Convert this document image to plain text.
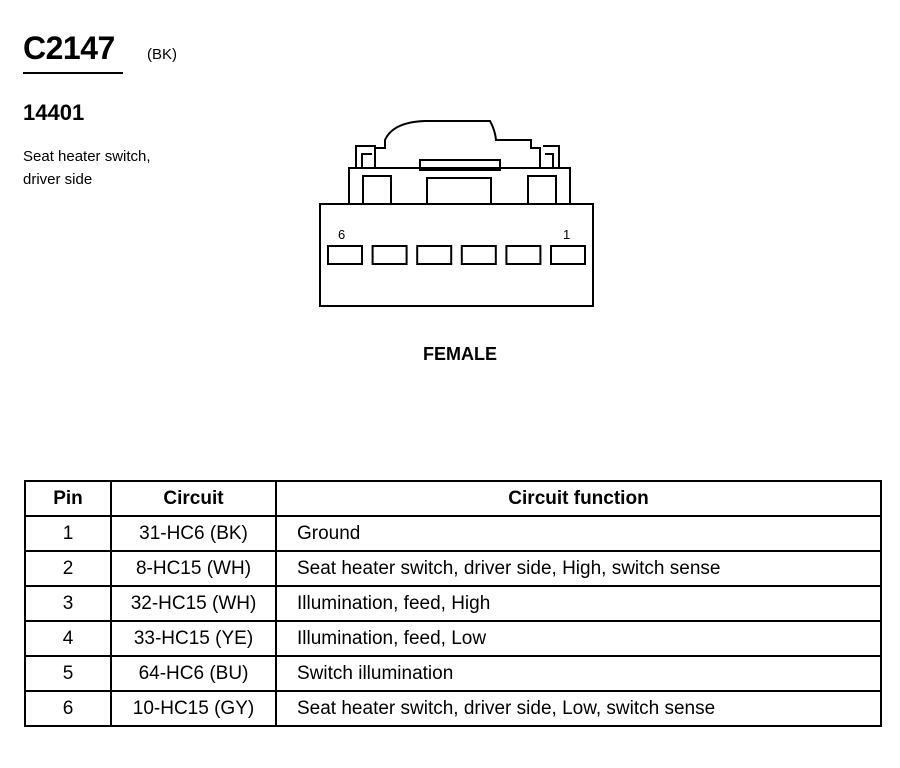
C2147 (BK)
14401
Seat heater switch,
driver side
6	1
FEMALE
Pin	Circuit	Circuit function
1	31-HC6 (BK)	Ground
2	8-HC15 (WH)	Seat heater switch, driver side, High, switch sense
3	32-HC15 (WH)	Illumination, feed, High
4	33-HC15 (YE)	Illumination, feed, Low
5	64-HC6 (BU)	Switch illumination
6	10-HC15 (GY)	Seat heater switch, driver side, Low, switch sense
